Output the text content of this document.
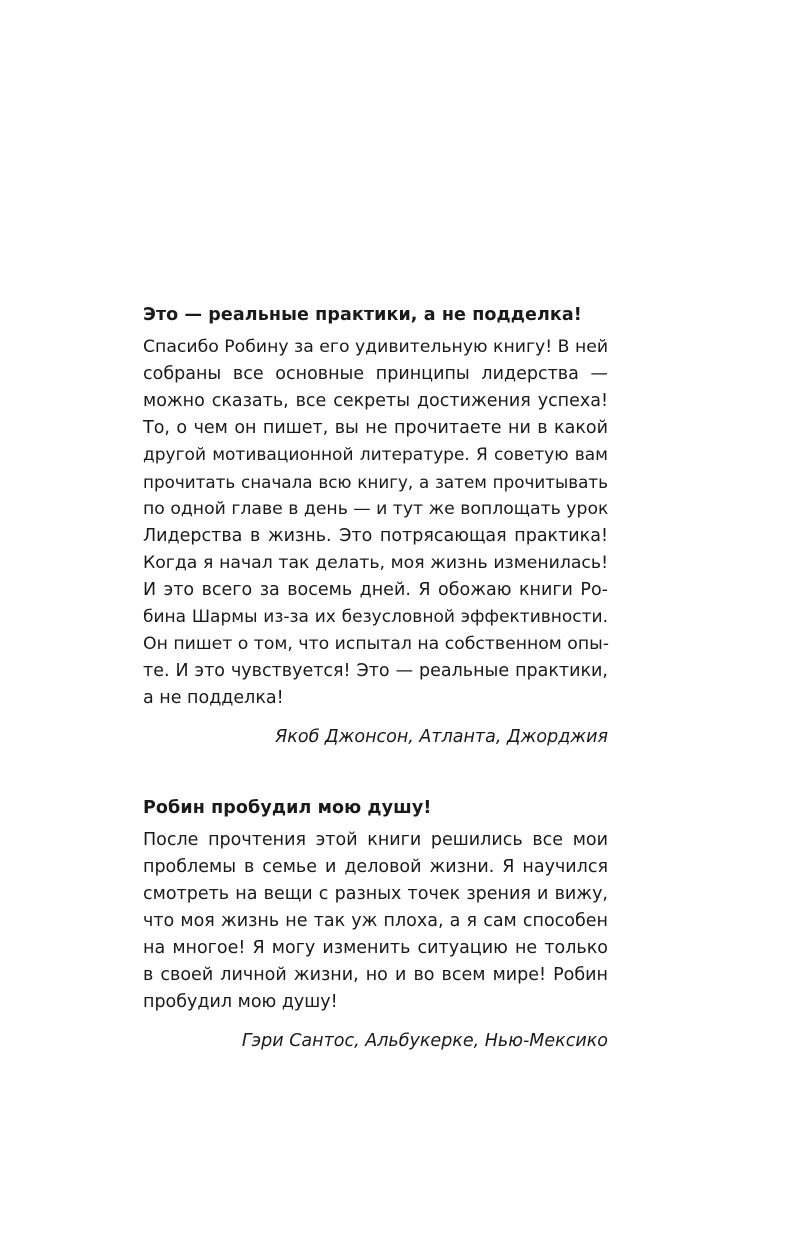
Это — реальные практики, а не подделка!
Спасибо Робину за его удивительную книгу! В ней
собраны все основные принципы лидерства —
можно сказать, все секреты достижения успеха!
То, о чем он пишет, вы не прочитаете ни в какой
другой мотивационной литературе. Я советую вам
прочитать сначала всю книгу, а затем прочитывать
по одной главе в день — и тут же воплощать урок
Лидерства в жизнь. Это потрясающая практика!
Когда я начал так делать, моя жизнь изменилась!
И это всего за восемь дней. Я обожаю книги Ро-
бина Шармы из-за их безусловной эффективности.
Он пишет о том, что испытал на собственном опы-
те. И это чувствуется! Это — реальные практики,
а не подделка!

Якоб Джонсон, Атланта, Джорджия

Робин пробудил мою душу!
После прочтения этой книги решились все мои
проблемы в семье и деловой жизни. Я научился
смотреть на вещи с разных точек зрения и вижу,
что моя жизнь не так уж плоха, а я сам способен
на многое! Я могу изменить ситуацию не только
в своей личной жизни, но и во всем мире! Робин
пробудил мою душу!

Гэри Сантос, Альбукерке, Нью-Мексико
